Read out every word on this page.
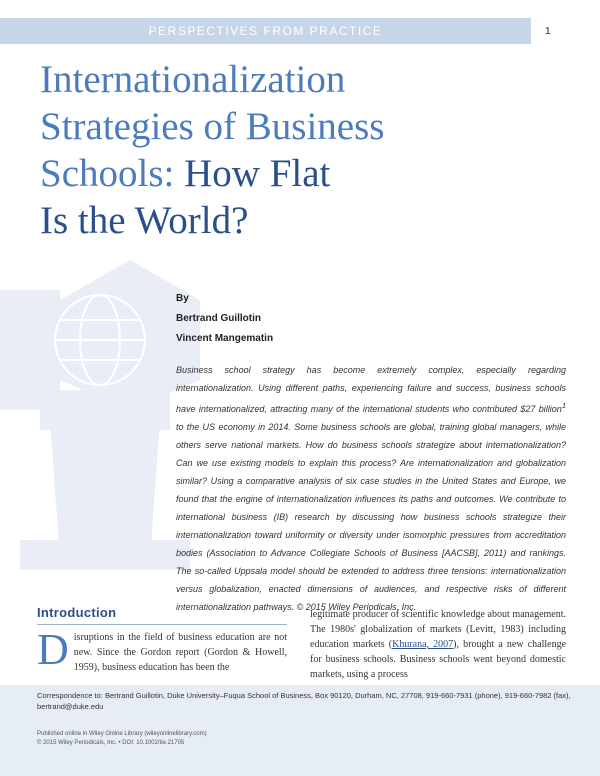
PERSPECTIVES FROM PRACTICE	1
Internationalization
Strategies of Business
Schools: How Flat
Is the World?
By
Bertrand Guillotin
Vincent Mangematin
Business school strategy has become extremely complex, especially regarding internationalization. Using different paths, experiencing failure and success, business schools have internationalized, attracting many of the international students who contributed $27 billion$^1$ to the US economy in 2014. Some business schools are global, training global managers, while others serve national markets. How do business schools strategize about internationalization? Can we use existing models to explain this process? Are internationalization and globalization similar? Using a comparative analysis of six case studies in the United States and Europe, we found that the engine of internationalization influences its paths and outcomes. We contribute to international business (IB) research by discussing how business schools strategize their internationalization toward uniformity or diversity under isomorphic pressures from accreditation bodies (Association to Advance Collegiate Schools of Business [AACSB], 2011) and rankings. The so-called Uppsala model should be extended to address three tensions: internationalization versus globalization, enacted dimensions of audiences, and respective risks of different internationalization pathways. © 2015 Wiley Periodicals, Inc.
Introduction
Disruptions in the field of business education are not new. Since the Gordon report (Gordon & Howell, 1959), business education has been the
legitimate producer of scientific knowledge about management. The 1980s' globalization of markets (Levitt, 1983) including education markets (Khurana, 2007), brought a new challenge for business schools. Business schools went beyond domestic markets, using a process
Correspondence to: Bertrand Guillotin, Duke University–Fuqua School of Business, Box 90120, Durham, NC, 27708, 919-660-7931 (phone), 919-660-7982 (fax), bertrand@duke.edu
Published online in Wiley Online Library (wileyonlinelibrary.com)
© 2015 Wiley Periodicals, Inc. • DOI: 10.1002/tie.21705
